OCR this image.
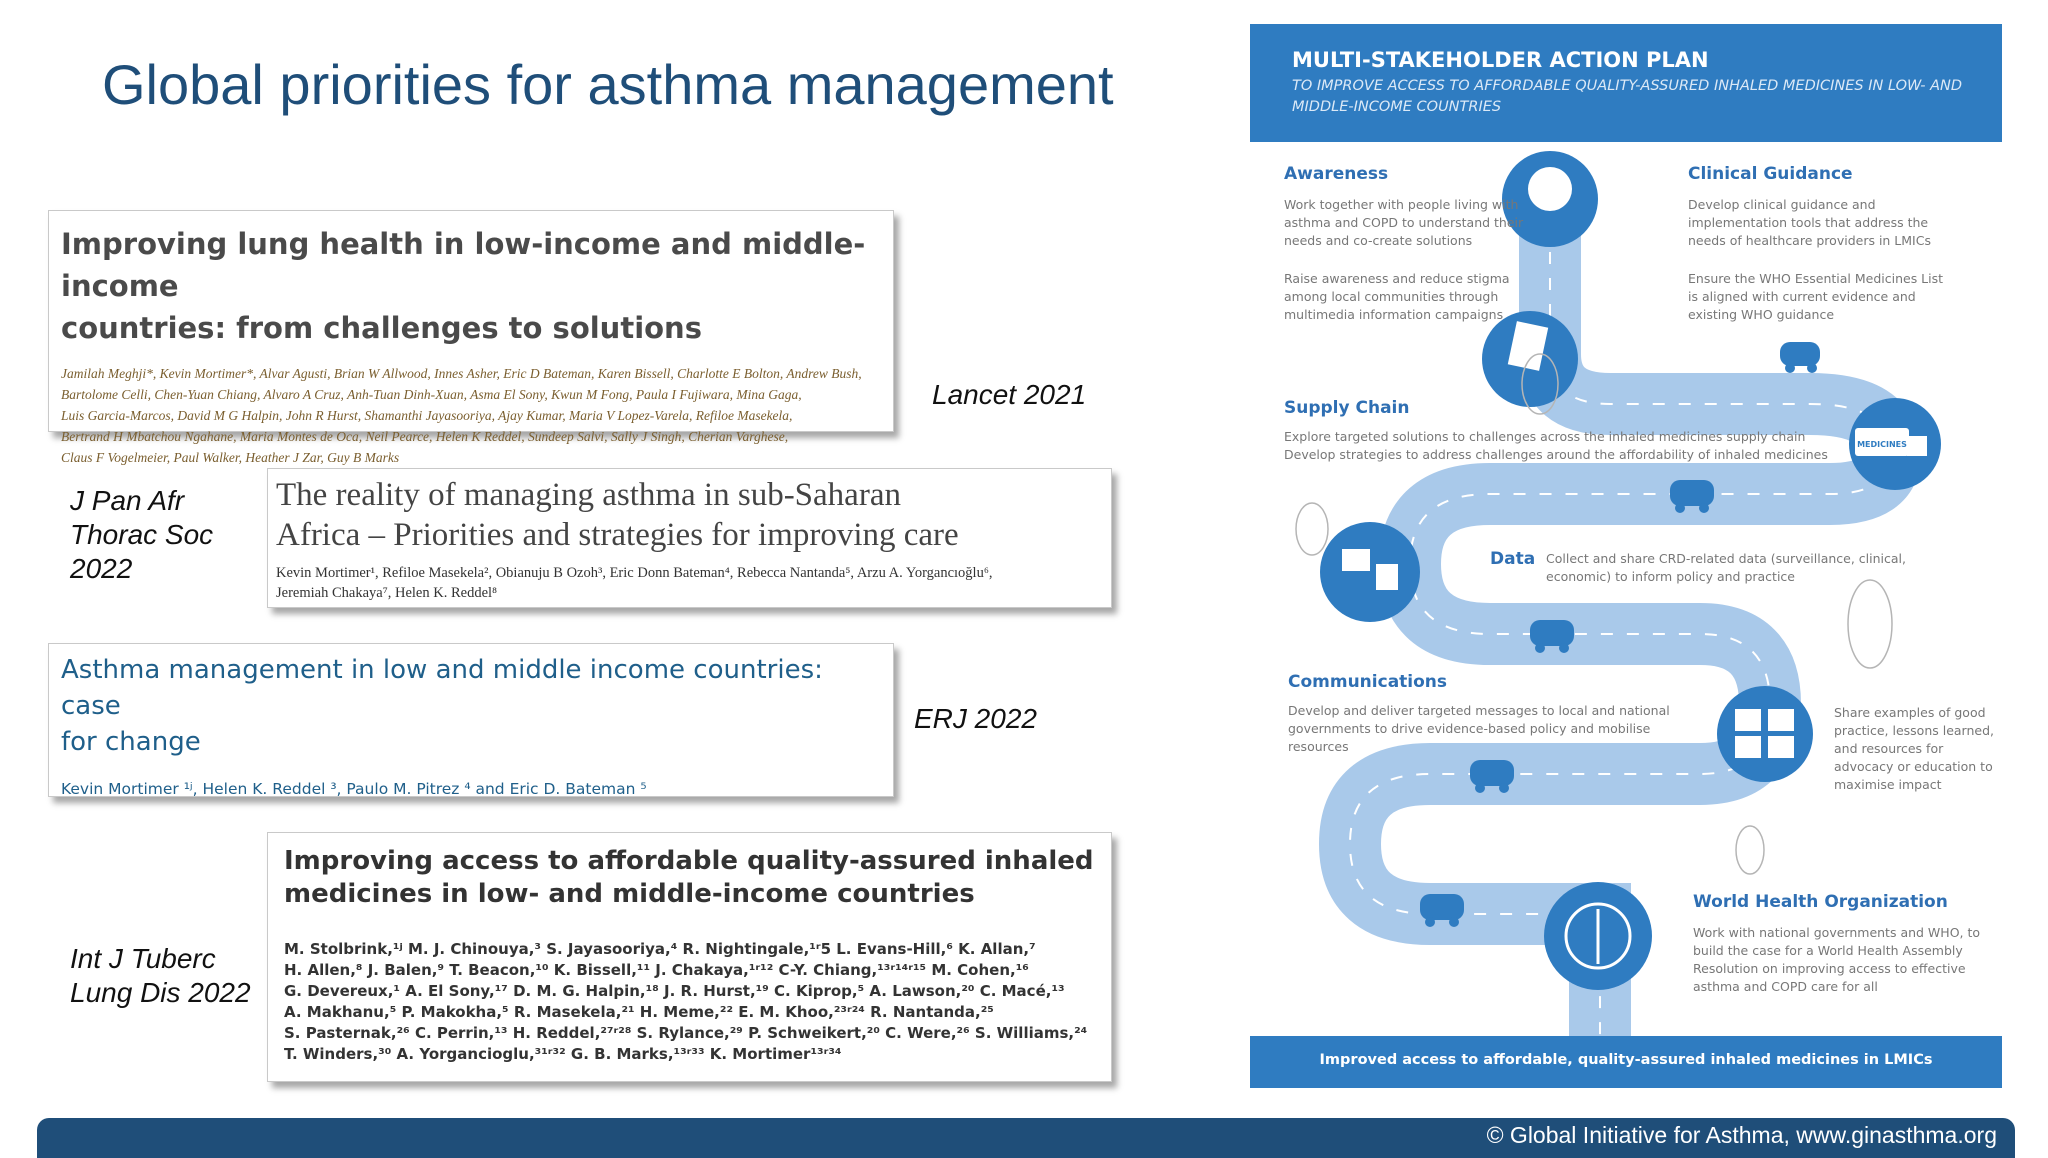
Global priorities for asthma management
Improving lung health in low-income and middle-income
countries: from challenges to solutions
Jamilah Meghji*, Kevin Mortimer*, Alvar Agusti, Brian W Allwood, Innes Asher, Eric D Bateman, Karen Bissell, Charlotte E Bolton, Andrew Bush,
Bartolome Celli, Chen-Yuan Chiang, Alvaro A Cruz, Anh-Tuan Dinh-Xuan, Asma El Sony, Kwun M Fong, Paula I Fujiwara, Mina Gaga,
Luis Garcia-Marcos, David M G Halpin, John R Hurst, Shamanthi Jayasooriya, Ajay Kumar, Maria V Lopez-Varela, Refiloe Masekela,
Bertrand H Mbatchou Ngahane, Maria Montes de Oca, Neil Pearce, Helen K Reddel, Sundeep Salvi, Sally J Singh, Cherian Varghese,
Claus F Vogelmeier, Paul Walker, Heather J Zar, Guy B Marks
Lancet 2021
The reality of managing asthma in sub-Saharan
Africa – Priorities and strategies for improving care
Kevin Mortimer¹, Refiloe Masekela², Obianuju B Ozoh³, Eric Donn Bateman⁴, Rebecca Nantanda⁵, Arzu A. Yorgancıoğlu⁶,
Jeremiah Chakaya⁷, Helen K. Reddel⁸
J Pan Afr
Thorac Soc
2022
Asthma management in low and middle income countries: case
for change
Kevin Mortimer ¹ʲ, Helen K. Reddel ³, Paulo M. Pitrez ⁴ and Eric D. Bateman ⁵
ERJ 2022
Improving access to affordable quality-assured inhaled
medicines in low- and middle-income countries
M. Stolbrink,¹ʲ M. J. Chinouya,³ S. Jayasooriya,⁴ R. Nightingale,¹ʳ5 L. Evans-Hill,⁶ K. Allan,⁷
H. Allen,⁸ J. Balen,⁹ T. Beacon,¹⁰ K. Bissell,¹¹ J. Chakaya,¹ʳ¹² C-Y. Chiang,¹³ʳ¹⁴ʳ¹⁵ M. Cohen,¹⁶
G. Devereux,¹ A. El Sony,¹⁷ D. M. G. Halpin,¹⁸ J. R. Hurst,¹⁹ C. Kiprop,⁵ A. Lawson,²⁰ C. Macé,¹³
A. Makhanu,⁵ P. Makokha,⁵ R. Masekela,²¹ H. Meme,²² E. M. Khoo,²³ʳ²⁴ R. Nantanda,²⁵
S. Pasternak,²⁶ C. Perrin,¹³ H. Reddel,²⁷ʳ²⁸ S. Rylance,²⁹ P. Schweikert,²⁰ C. Were,²⁶ S. Williams,²⁴
T. Winders,³⁰ A. Yorgancioglu,³¹ʳ³² G. B. Marks,¹³ʳ³³ K. Mortimer¹³ʳ³⁴
Int J Tuberc
Lung Dis 2022
MEDICINES
MULTI-STAKEHOLDER ACTION PLAN
TO IMPROVE ACCESS TO AFFORDABLE QUALITY-ASSURED INHALED MEDICINES IN LOW- AND MIDDLE-INCOME COUNTRIES
Awareness
Work together with people living with asthma and COPD to understand their needs and co-create solutions
Raise awareness and reduce stigma among local communities through multimedia information campaigns
Clinical Guidance
Develop clinical guidance and implementation tools that address the needs of healthcare providers in LMICs
Ensure the WHO Essential Medicines List is aligned with current evidence and existing WHO guidance
Supply Chain
Explore targeted solutions to challenges across the inhaled medicines supply chain
Develop strategies to address challenges around the affordability of inhaled medicines
Data Collect and share CRD-related data (surveillance, clinical, economic) to inform policy and practice
Communications
Develop and deliver targeted messages to local and national governments to drive evidence-based policy and mobilise resources
Share examples of good practice, lessons learned, and resources for advocacy or education to maximise impact
World Health Organization
Work with national governments and WHO, to build the case for a World Health Assembly Resolution on improving access to effective asthma and COPD care for all
Improved access to affordable, quality-assured inhaled medicines in LMICs
© Global Initiative for Asthma, www.ginasthma.org
